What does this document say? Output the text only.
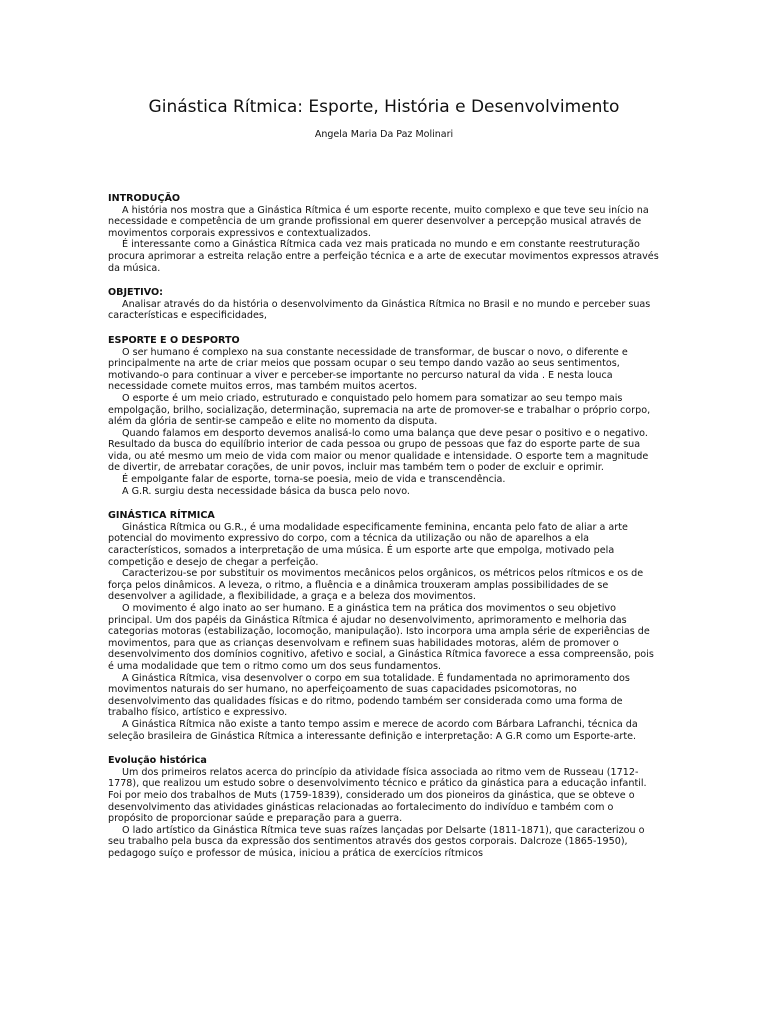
Ginástica Rítmica: Esporte, História e Desenvolvimento
Angela Maria Da Paz Molinari

INTRODUÇÃO

A história nos mostra que a Ginástica Rítmica é um esporte recente, muito complexo e que teve seu início na necessidade e competência de um grande profissional em querer desenvolver a percepção musical através de movimentos corporais expressivos e contextualizados.

É interessante como a Ginástica Rítmica cada vez mais praticada no mundo e em constante reestruturação procura aprimorar a estreita relação entre a perfeição técnica e a arte de executar movimentos expressos através da música.

OBJETIVO:

Analisar através do da história o desenvolvimento da Ginástica Rítmica no Brasil e no mundo e perceber suas características e especificidades,

ESPORTE E O DESPORTO

O ser humano é complexo na sua constante necessidade de transformar, de buscar o novo, o diferente e principalmente na arte de criar meios que possam ocupar o seu tempo dando vazão ao seus sentimentos, motivando-o para continuar a viver e perceber-se importante no percurso natural da vida . E nesta louca necessidade comete muitos erros, mas também muitos acertos.

O esporte é um meio criado, estruturado e conquistado pelo homem para somatizar ao seu tempo mais empolgação, brilho, socialização, determinação, supremacia na arte de promover-se e trabalhar o próprio corpo, além da glória de sentir-se campeão e elite no momento da disputa.

Quando falamos em desporto devemos analisá-lo como uma balança que deve pesar o positivo e o negativo. Resultado da busca do equilíbrio interior de cada pessoa ou grupo de pessoas que faz do esporte parte de sua vida, ou até mesmo um meio de vida com maior ou menor qualidade e intensidade. O esporte tem a magnitude de divertir, de arrebatar corações, de unir povos, incluir mas também tem o poder de excluir e oprimir.

É empolgante falar de esporte, torna-se poesia, meio de vida e transcendência.

A G.R. surgiu desta necessidade básica da busca pelo novo.

GINÁSTICA RÍTMICA

Ginástica Rítmica ou G.R., é uma modalidade especificamente feminina, encanta pelo fato de aliar a arte potencial do movimento expressivo do corpo, com a técnica da utilização ou não de aparelhos a ela característicos, somados a interpretação de uma música. É um esporte arte que empolga, motivado pela competição e desejo de chegar a perfeição.

Caracterizou-se por substituir os movimentos mecânicos pelos orgânicos, os métricos pelos rítmicos e os de força pelos dinâmicos. A leveza, o ritmo, a fluência e a dinâmica trouxeram amplas possibilidades de se desenvolver a agilidade, a flexibilidade, a graça e a beleza dos movimentos.

O movimento é algo inato ao ser humano. E a ginástica tem na prática dos movimentos o seu objetivo principal. Um dos papéis da Ginástica Rítmica é ajudar no desenvolvimento, aprimoramento e melhoria das categorias motoras (estabilização, locomoção, manipulação). Isto incorpora uma ampla série de experiências de movimentos, para que as crianças desenvolvam e refinem suas habilidades motoras, além de promover o desenvolvimento dos domínios cognitivo, afetivo e social, a Ginástica Rítmica favorece a essa compreensão, pois é uma modalidade que tem o ritmo como um dos seus fundamentos.

A Ginástica Rítmica, visa desenvolver o corpo em sua totalidade. É fundamentada no aprimoramento dos movimentos naturais do ser humano, no aperfeiçoamento de suas capacidades psicomotoras, no desenvolvimento das qualidades físicas e do ritmo, podendo também ser considerada como uma forma de trabalho físico, artístico e expressivo.

A Ginástica Rítmica não existe a tanto tempo assim e merece de acordo com Bárbara Lafranchi, técnica da seleção brasileira de Ginástica Rítmica a interessante definição e interpretação: A G.R como um Esporte-arte.

Evolução histórica

Um dos primeiros relatos acerca do princípio da atividade física associada ao ritmo vem de Russeau (1712-1778), que realizou um estudo sobre o desenvolvimento técnico e prático da ginástica para a educação infantil. Foi por meio dos trabalhos de Muts (1759-1839), considerado um dos pioneiros da ginástica, que se obteve o desenvolvimento das atividades ginásticas relacionadas ao fortalecimento do indivíduo e também com o propósito de proporcionar saúde e preparação para a guerra.

O lado artístico da Ginástica Rítmica teve suas raízes lançadas por Delsarte (1811-1871), que caracterizou o seu trabalho pela busca da expressão dos sentimentos através dos gestos corporais. Dalcroze (1865-1950), pedagogo suíço e professor de música, iniciou a prática de exercícios rítmicos
